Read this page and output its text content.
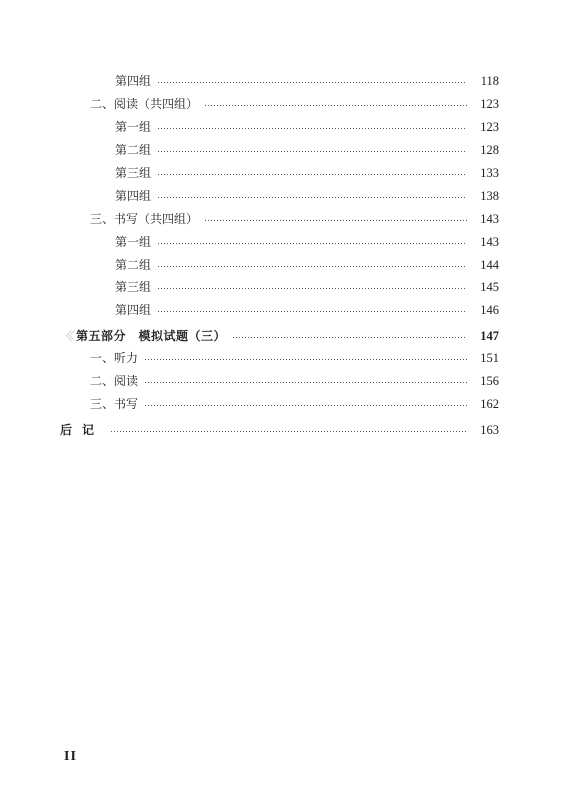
第四组	118
二、阅读（共四组）	123
第一组	123
第二组	128
第三组	133
第四组	138
三、书写（共四组）	143
第一组	143
第二组	144
第三组	145
第四组	146
〈〈 第五部分　模拟试题（三）	147
一、听力	151
二、阅读	156
三、书写	162
后记	163
II
